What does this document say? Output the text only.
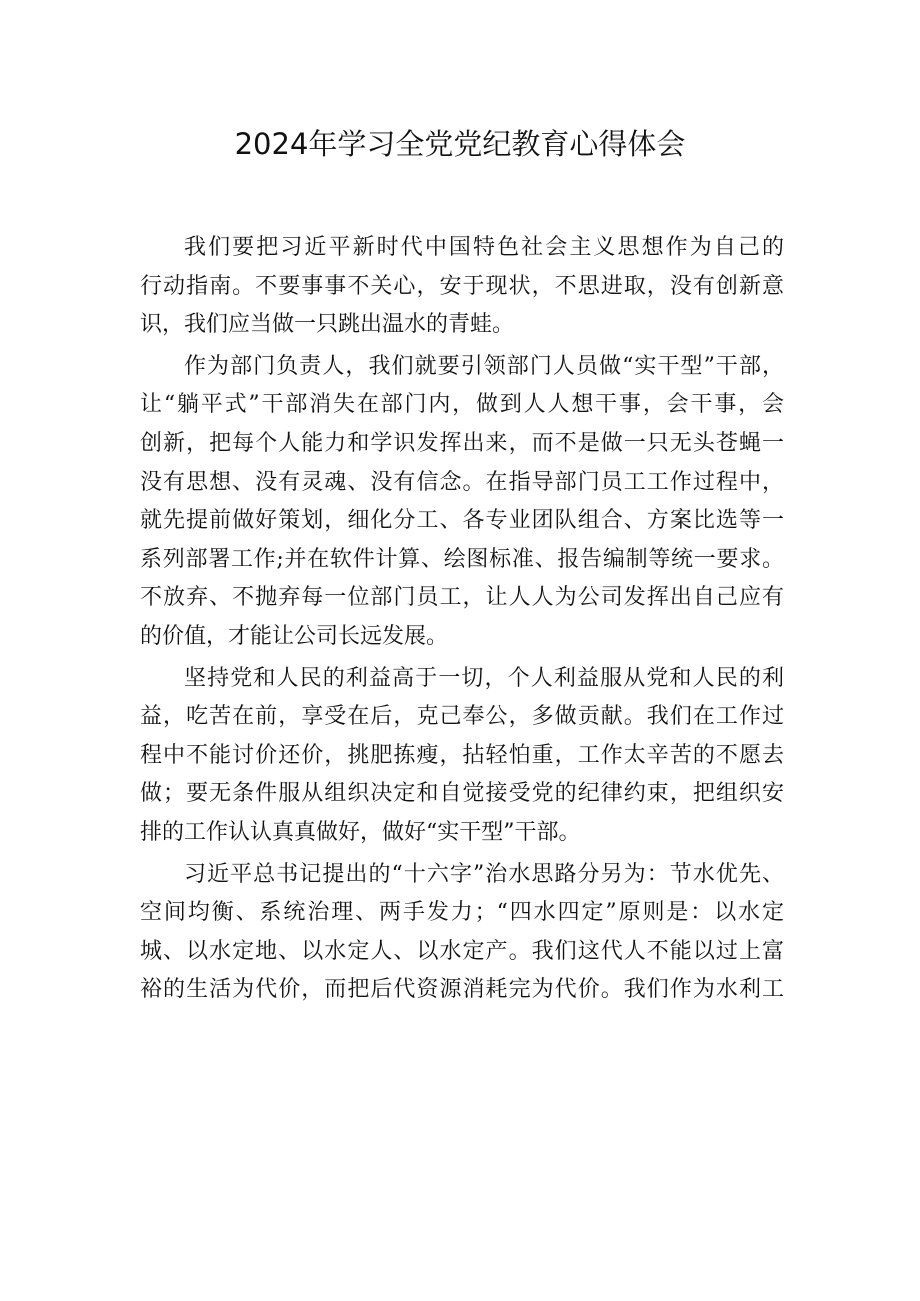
2024年学习全党党纪教育心得体会
我们要把习近平新时代中国特色社会主义思想作为自己的
行动指南。不要事事不关心，安于现状，不思进取，没有创新意
识，我们应当做一只跳出温水的青蛙。
作为部门负责人，我们就要引领部门人员做“实干型”干部，
让“躺平式”干部消失在部门内，做到人人想干事，会干事，会
创新，把每个人能力和学识发挥出来，而不是做一只无头苍蝇一
没有思想、没有灵魂、没有信念。在指导部门员工工作过程中，
就先提前做好策划，细化分工、各专业团队组合、方案比选等一
系列部署工作;并在软件计算、绘图标准、报告编制等统一要求。
不放弃、不抛弃每一位部门员工，让人人为公司发挥出自己应有
的价值，才能让公司长远发展。
坚持党和人民的利益高于一切，个人利益服从党和人民的利
益，吃苦在前，享受在后，克己奉公，多做贡献。我们在工作过
程中不能讨价还价，挑肥拣瘦，拈轻怕重，工作太辛苦的不愿去
做；要无条件服从组织决定和自觉接受党的纪律约束，把组织安
排的工作认认真真做好，做好“实干型”干部。
习近平总书记提出的“十六字”治水思路分另为：节水优先、
空间均衡、系统治理、两手发力；“四水四定”原则是：以水定
城、以水定地、以水定人、以水定产。我们这代人不能以过上富
裕的生活为代价，而把后代资源消耗完为代价。我们作为水利工
